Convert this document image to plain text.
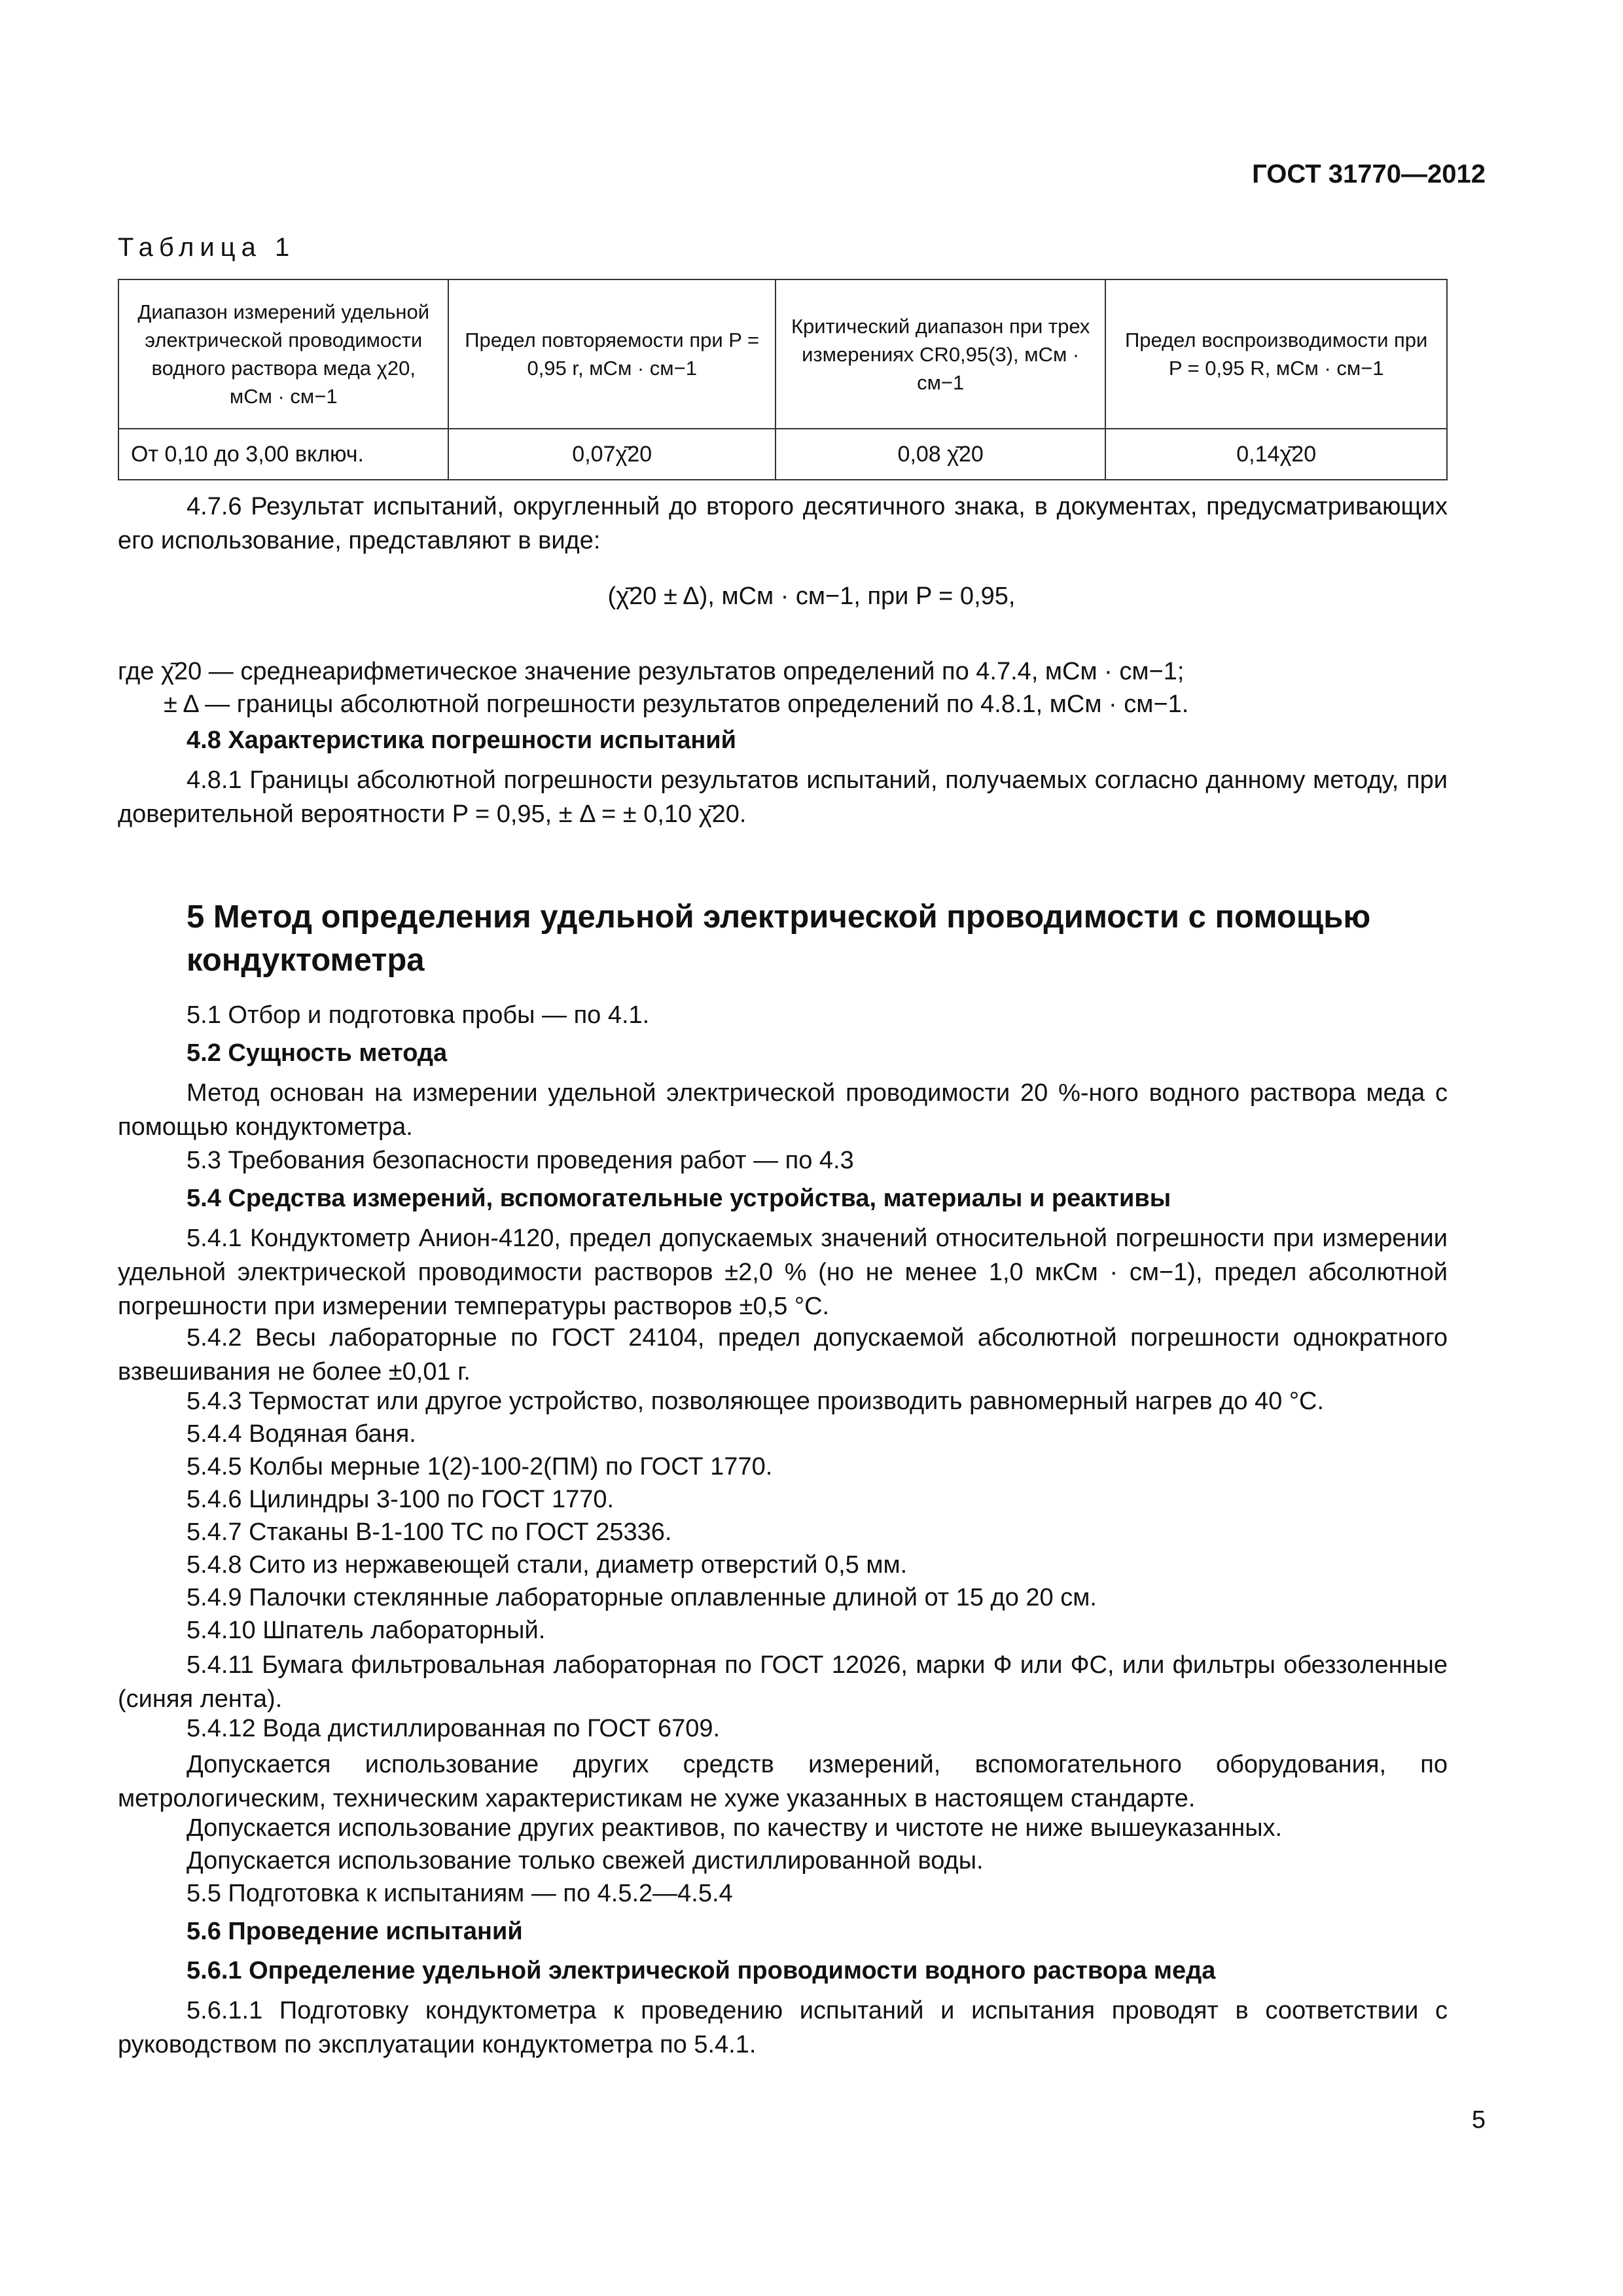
ГОСТ 31770—2012
Таблица 1
Диапазон измерений удельной электрической проводимости водного раствора меда χ20, мСм · см−1	Предел повторяемости при P = 0,95 r, мСм · см−1	Критический диапазон при трех измерениях CR0,95(3), мСм · см−1	Предел воспроизводимости при P = 0,95 R, мСм · см−1
От 0,10 до 3,00 включ.	0,07χ̄20	0,08 χ̄20	0,14χ̄20
4.7.6 Результат испытаний, округленный до второго десятичного знака, в документах, предусматривающих его использование, представляют в виде:
(χ̄20 ± Δ), мСм · см−1, при P = 0,95,
где χ̄20 — среднеарифметическое значение результатов определений по 4.7.4, мСм · см−1;
± Δ — границы абсолютной погрешности результатов определений по 4.8.1, мСм · см−1.
4.8 Характеристика погрешности испытаний
4.8.1 Границы абсолютной погрешности результатов испытаний, получаемых согласно данному методу, при доверительной вероятности P = 0,95, ± Δ = ± 0,10 χ̄20.
5 Метод определения удельной электрической проводимости с помощью кондуктометра
5.1 Отбор и подготовка пробы — по 4.1.
5.2 Сущность метода
Метод основан на измерении удельной электрической проводимости 20 %-ного водного раствора меда с помощью кондуктометра.
5.3 Требования безопасности проведения работ — по 4.3
5.4 Средства измерений, вспомогательные устройства, материалы и реактивы
5.4.1 Кондуктометр Анион-4120, предел допускаемых значений относительной погрешности при измерении удельной электрической проводимости растворов ±2,0 % (но не менее 1,0 мкСм · см−1), предел абсолютной погрешности при измерении температуры растворов ±0,5 °С.
5.4.2 Весы лабораторные по ГОСТ 24104, предел допускаемой абсолютной погрешности однократного взвешивания не более ±0,01 г.
5.4.3 Термостат или другое устройство, позволяющее производить равномерный нагрев до 40 °С.
5.4.4 Водяная баня.
5.4.5 Колбы мерные 1(2)-100-2(ПМ) по ГОСТ 1770.
5.4.6 Цилиндры 3-100 по ГОСТ 1770.
5.4.7 Стаканы В-1-100 ТС по ГОСТ 25336.
5.4.8 Сито из нержавеющей стали, диаметр отверстий 0,5 мм.
5.4.9 Палочки стеклянные лабораторные оплавленные длиной от 15 до 20 см.
5.4.10 Шпатель лабораторный.
5.4.11 Бумага фильтровальная лабораторная по ГОСТ 12026, марки Ф или ФС, или фильтры обеззоленные (синяя лента).
5.4.12 Вода дистиллированная по ГОСТ 6709.
Допускается использование других средств измерений, вспомогательного оборудования, по метрологическим, техническим характеристикам не хуже указанных в настоящем стандарте.
Допускается использование других реактивов, по качеству и чистоте не ниже вышеуказанных.
Допускается использование только свежей дистиллированной воды.
5.5 Подготовка к испытаниям — по 4.5.2—4.5.4
5.6 Проведение испытаний
5.6.1 Определение удельной электрической проводимости водного раствора меда
5.6.1.1 Подготовку кондуктометра к проведению испытаний и испытания проводят в соответствии с руководством по эксплуатации кондуктометра по 5.4.1.
5
